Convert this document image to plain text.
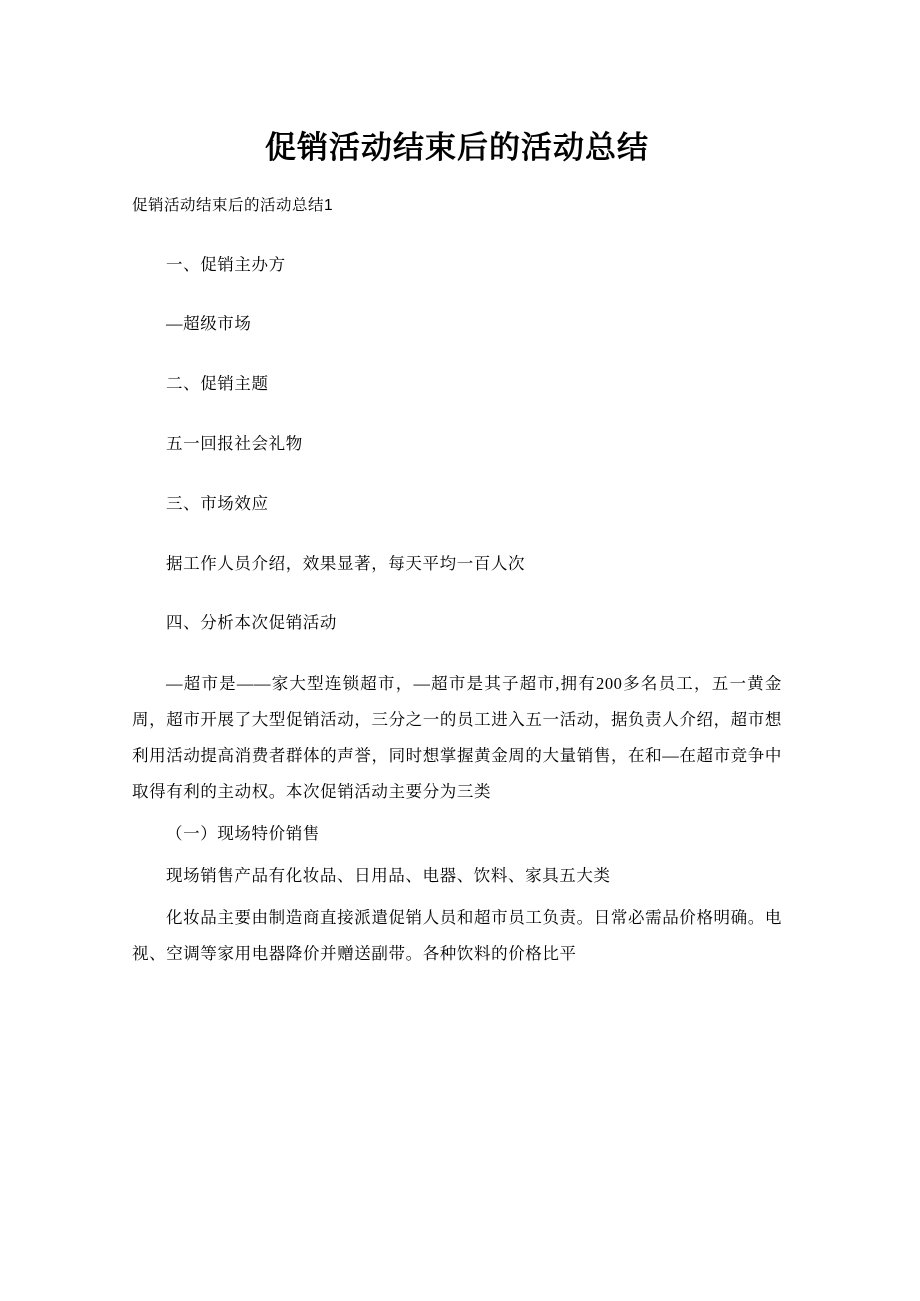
促销活动结束后的活动总结
促销活动结束后的活动总结1

一、促销主办方

—超级市场

二、促销主题

五一回报社会礼物

三、市场效应

据工作人员介绍，效果显著，每天平均一百人次

四、分析本次促销活动

—超市是——家大型连锁超市，—超市是其子超市,拥有200多名员工，五一黄金周，超市开展了大型促销活动，三分之一的员工进入五一活动，据负责人介绍，超市想利用活动提高消费者群体的声誉，同时想掌握黄金周的大量销售，在和—在超市竞争中取得有利的主动权。本次促销活动主要分为三类

（一）现场特价销售

现场销售产品有化妆品、日用品、电器、饮料、家具五大类

化妆品主要由制造商直接派遣促销人员和超市员工负责。日常必需品价格明确。电视、空调等家用电器降价并赠送副带。各种饮料的价格比平
